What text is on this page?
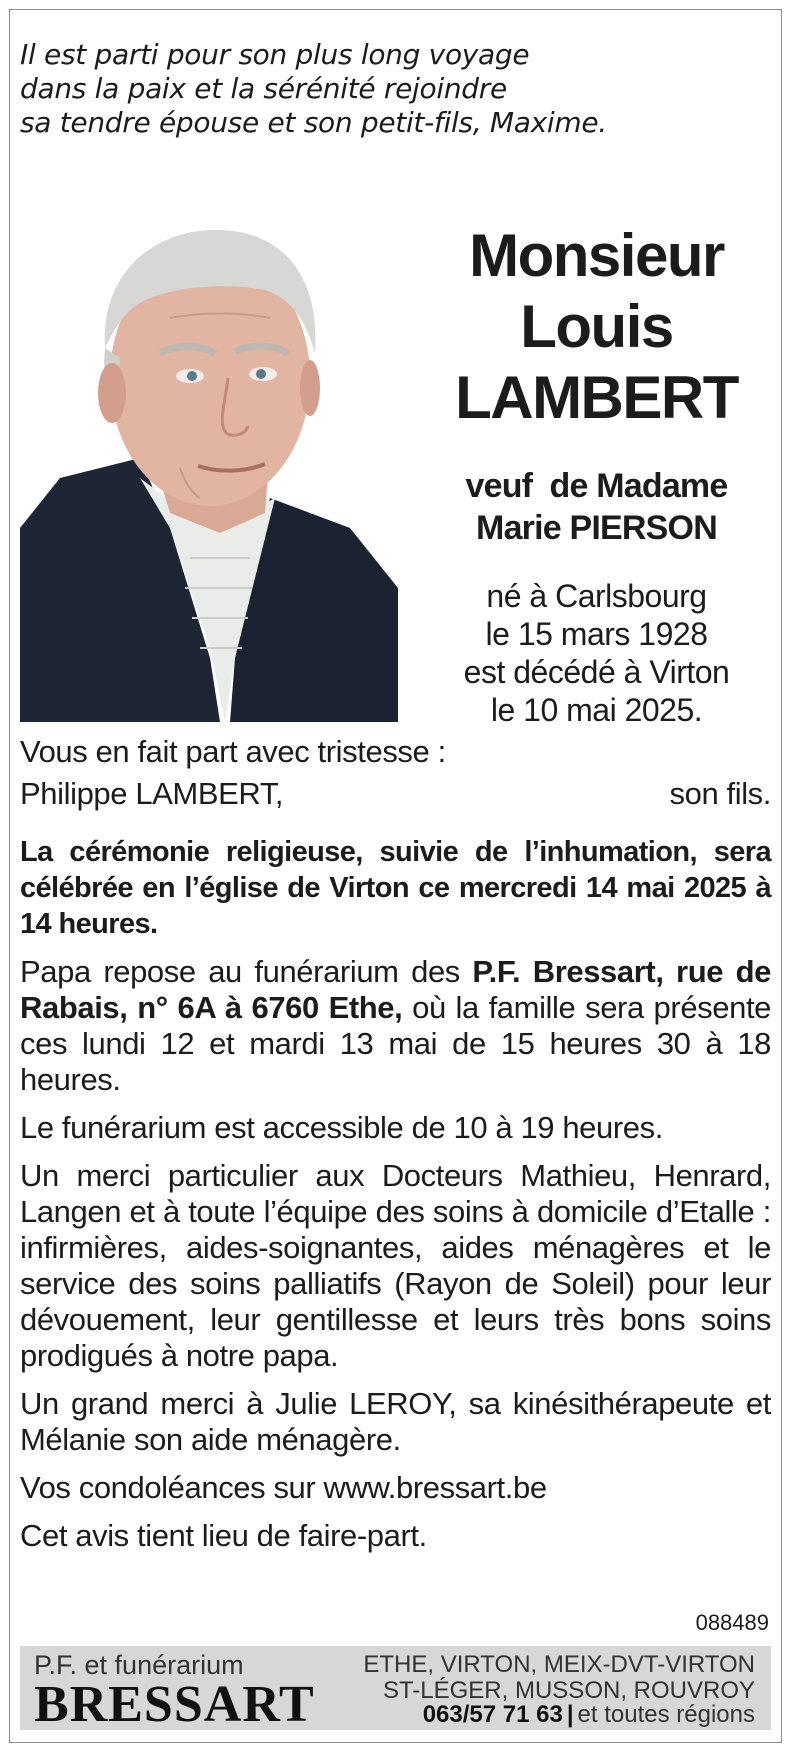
Il est parti pour son plus long voyage
dans la paix et la sérénité rejoindre
sa tendre épouse et son petit-fils, Maxime.
Monsieur
Louis
LAMBERT
veuf  de Madame
Marie PIERSON
né à Carlsbourg
le 15 mars 1928
est décédé à Virton
le 10 mai 2025.
Vous en fait part avec tristesse :
Philippe LAMBERT,	son fils.
La cérémonie religieuse, suivie de l’inhumation, sera célébrée en l’église de Virton ce mercredi 14 mai 2025 à 14 heures.
Papa repose au funérarium des P.F. Bressart, rue de Rabais, n° 6A à 6760 Ethe, où la famille sera présente ces lundi 12 et mardi 13 mai de 15 heures 30 à 18 heures.
Le funérarium est accessible de 10 à 19 heures.
Un merci particulier aux Docteurs Mathieu, Henrard, Langen et à toute l’équipe des soins à domicile d’Etalle : infirmières, aides-soignantes, aides ménagères et le service des soins palliatifs (Rayon de Soleil) pour leur dévouement, leur gentillesse et leurs très bons soins prodigués à notre papa.
Un grand merci à Julie LEROY, sa kinésithérapeute et Mélanie son aide ménagère.
Vos condoléances sur www.bressart.be
Cet avis tient lieu de faire-part.
088489
P.F. et funérarium
BRESSART
ETHE, VIRTON, MEIX-DVT-VIRTON
ST-LÉGER, MUSSON, ROUVROY
063/57 71 63 | et toutes régions
